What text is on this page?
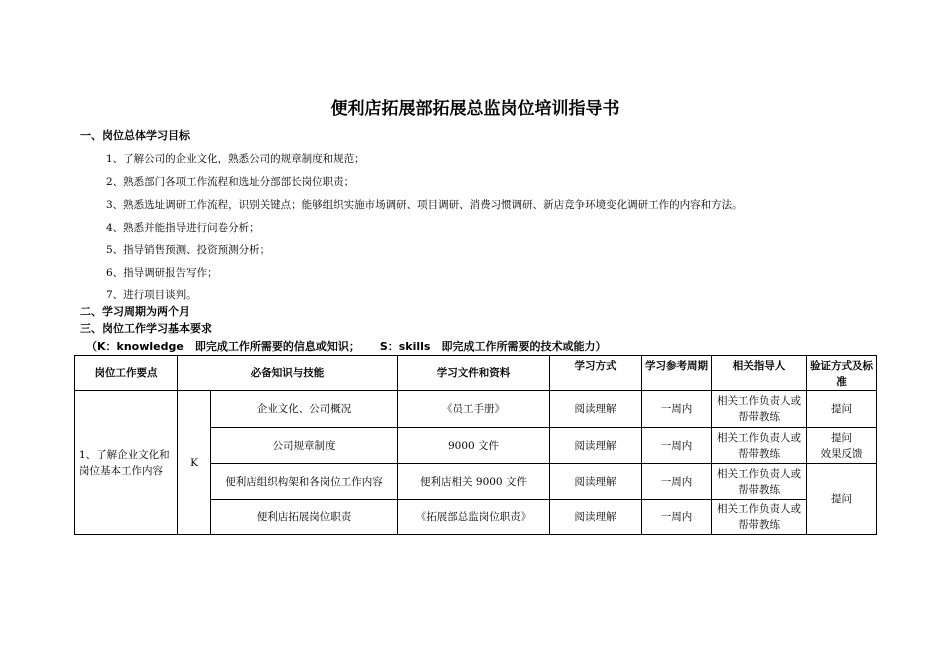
便利店拓展部拓展总监岗位培训指导书
一、岗位总体学习目标
1、了解公司的企业文化，熟悉公司的规章制度和规范；
2、熟悉部门各项工作流程和选址分部部长岗位职责；
3、熟悉选址调研工作流程，识别关键点；能够组织实施市场调研、项目调研、消费习惯调研、新店竞争环境变化调研工作的内容和方法。
4、熟悉并能指导进行问卷分析；
5、指导销售预测、投资预测分析；
6、指导调研报告写作；
7、进行项目谈判。
二、学习周期为两个月
三、岗位工作学习基本要求
（K：knowledge　即完成工作所需要的信息或知识； S：skills　即完成工作所需要的技术或能力）
岗位工作要点	必备知识与技能		学习文件和资料	学习方式	学习参考周期	相关指导人	验证方式及标准
1、了解企业文化和岗位基本工作内容	K	企业文化、公司概况	《员工手册》	阅读理解	一周内	相关工作负责人或帮带教练	提问
		公司规章制度	9000 文件	阅读理解	一周内	相关工作负责人或帮带教练	提问
效果反馈
		便利店组织构架和各岗位工作内容	便利店相关 9000 文件	阅读理解	一周内	相关工作负责人或帮带教练	提问
		便利店拓展岗位职责	《拓展部总监岗位职责》	阅读理解	一周内	相关工作负责人或帮带教练	
